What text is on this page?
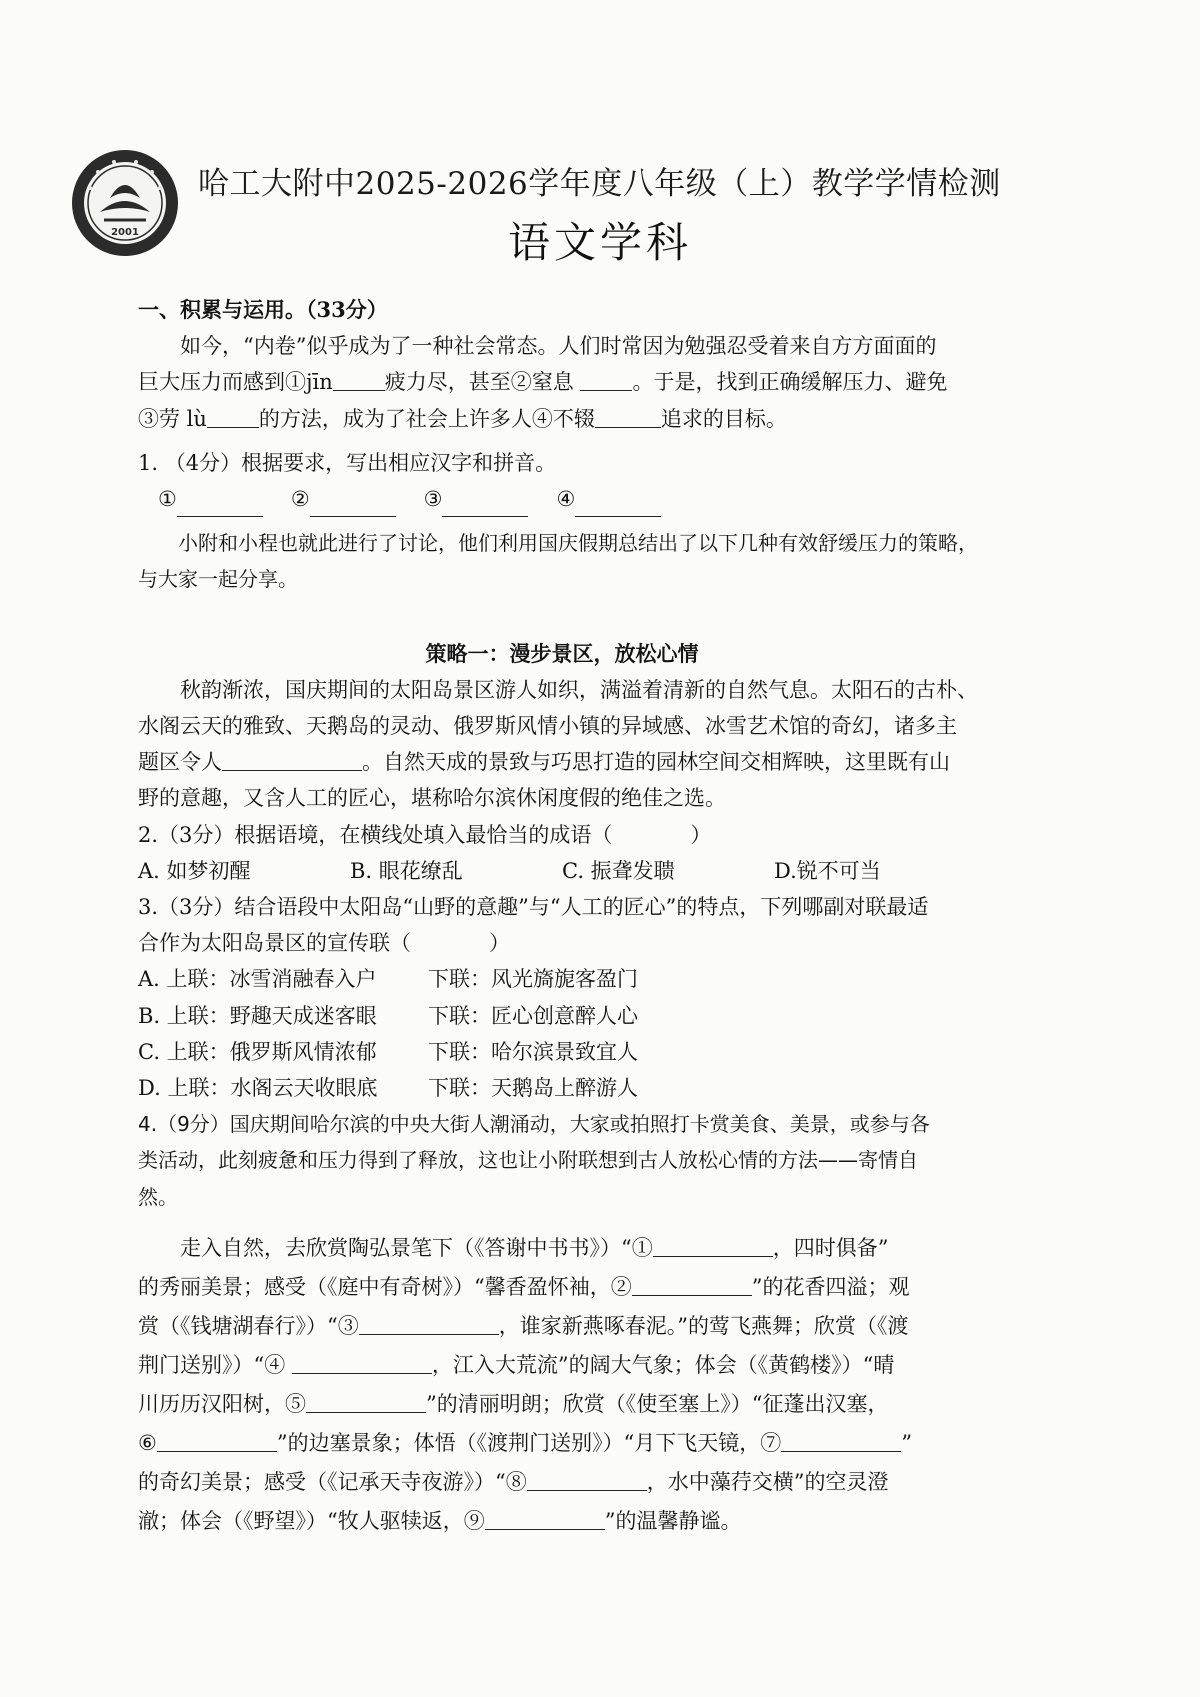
2001
哈工大附中2025-2026学年度八年级（上）教学学情检测
语文学科

一、积累与运用。（33分）

如今，“内卷”似乎成为了一种社会常态。人们时常因为勉强忍受着来自方方面面的

巨大压力而感到①jīn 疲力尽，甚至②窒息 。于是，找到正确缓解压力、避免

③劳 lù 的方法，成为了社会上许多人④不辍	追求的目标。

1. （4分）根据要求，写出相应汉字和拼音。

①	②	③	④

小附和小程也就此进行了讨论，他们利用国庆假期总结出了以下几种有效舒缓压力的策略，与大家一起分享。

策略一：漫步景区，放松心情

秋韵渐浓，国庆期间的太阳岛景区游人如织，满溢着清新的自然气息。太阳石的古朴、

水阁云天的雅致、天鹅岛的灵动、俄罗斯风情小镇的异域感、冰雪艺术馆的奇幻，诸多主

题区令人	。自然天成的景致与巧思打造的园林空间交相辉映，这里既有山

野的意趣，又含人工的匠心，堪称哈尔滨休闲度假的绝佳之选。

2.（3分）根据语境，在横线处填入最恰当的成语（	）

A. 如梦初醒	B. 眼花缭乱	C. 振聋发聩	D.锐不可当

3.（3分）结合语段中太阳岛“山野的意趣”与“人工的匠心”的特点，下列哪副对联最适

合作为太阳岛景区的宣传联（	）

A. 上联：冰雪消融春入户	下联：风光旖旎客盈门

B. 上联：野趣天成迷客眼	下联：匠心创意醉人心

C. 上联：俄罗斯风情浓郁	下联：哈尔滨景致宜人

D. 上联：水阁云天收眼底	下联：天鹅岛上醉游人

4.（9分）国庆期间哈尔滨的中央大街人潮涌动，大家或拍照打卡赏美食、美景，或参与各

类活动，此刻疲惫和压力得到了释放，这也让小附联想到古人放松心情的方法——寄情自

然。

走入自然，去欣赏陶弘景笔下（《答谢中书书》）“①	，四时俱备”

的秀丽美景；感受（《庭中有奇树》）“馨香盈怀袖，②	”的花香四溢；观

赏（《钱塘湖春行》）“③	，谁家新燕啄春泥。”的莺飞燕舞；欣赏（《渡

荆门送别》）“④	，江入大荒流”的阔大气象；体会（《黄鹤楼》）“晴

川历历汉阳树，⑤	”的清丽明朗；欣赏（《使至塞上》）“征蓬出汉塞，

⑥	”的边塞景象；体悟（《渡荆门送别》）“月下飞天镜，⑦	”

的奇幻美景；感受（《记承天寺夜游》）“⑧	，水中藻荇交横”的空灵澄

澈；体会（《野望》）“牧人驱犊返，⑨	”的温馨静谧。
